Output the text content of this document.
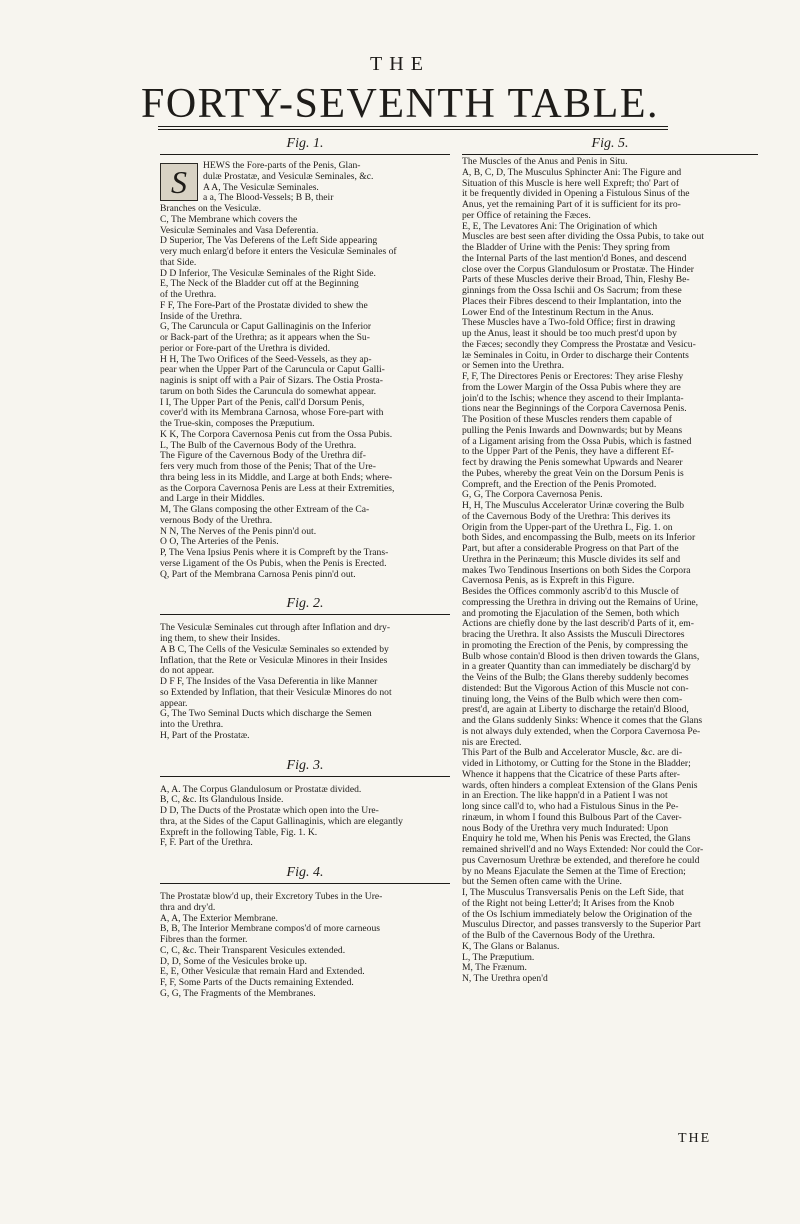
THE
FORTY-SEVENTH TABLE.
Fig. 1.
S	HEWS the Fore-parts of the Penis, Glan-

dulæ Prostatæ, and Vesiculæ Seminales, &c.

A A, The Vesiculæ Seminales.

a a, The Blood-Vessels; B B, their

Branches on the Vesiculæ.

C, The Membrane which covers the

Vesiculæ Seminales and Vasa Deferentia.

D Superior, The Vas Deferens of the Left Side appearing

very much enlarg'd before it enters the Vesiculæ Seminales of

that Side.

D D Inferior, The Vesiculæ Seminales of the Right Side.

E, The Neck of the Bladder cut off at the Beginning

of the Urethra.

F F, The Fore-Part of the Prostatæ divided to shew the

Inside of the Urethra.

G, The Caruncula or Caput Gallinaginis on the Inferior

or Back-part of the Urethra; as it appears when the Su-

perior or Fore-part of the Urethra is divided.

H H, The Two Orifices of the Seed-Vessels, as they ap-

pear when the Upper Part of the Caruncula or Caput Galli-

naginis is snipt off with a Pair of Sizars. The Ostia Prosta-

tarum on both Sides the Caruncula do somewhat appear.

I I, The Upper Part of the Penis, call'd Dorsum Penis,

cover'd with its Membrana Carnosa, whose Fore-part with

the True-skin, composes the Præputium.

K K, The Corpora Cavernosa Penis cut from the Ossa Pubis.

L, The Bulb of the Cavernous Body of the Urethra.

The Figure of the Cavernous Body of the Urethra dif-

fers very much from those of the Penis; That of the Ure-

thra being less in its Middle, and Large at both Ends; where-

as the Corpora Cavernosa Penis are Less at their Extremities,

and Large in their Middles.

M, The Glans composing the other Extream of the Ca-

vernous Body of the Urethra.

N N, The Nerves of the Penis pinn'd out.

O O, The Arteries of the Penis.

P, The Vena Ipsius Penis where it is Compreft by the Trans-

verse Ligament of the Os Pubis, when the Penis is Erected.

Q, Part of the Membrana Carnosa Penis pinn'd out.

Fig. 2.

The Vesiculæ Seminales cut through after Inflation and dry-

ing them, to shew their Insides.

A B C, The Cells of the Vesiculæ Seminales so extended by

Inflation, that the Rete or Vesiculæ Minores in their Insides

do not appear.

D F F, The Insides of the Vasa Deferentia in like Manner

so Extended by Inflation, that their Vesiculæ Minores do not

appear.

G, The Two Seminal Ducts which discharge the Semen

into the Urethra.

H, Part of the Prostatæ.

Fig. 3.

A, A. The Corpus Glandulosum or Prostatæ divided.

B, C, &c. Its Glandulous Inside.

D D, The Ducts of the Prostatæ which open into the Ure-

thra, at the Sides of the Caput Gallinaginis, which are elegantly

Expreft in the following Table, Fig. 1. K.

F, F. Part of the Urethra.

Fig. 4.

The Prostatæ blow'd up, their Excretory Tubes in the Ure-

thra and dry'd.

A, A, The Exterior Membrane.

B, B, The Interior Membrane compos'd of more carneous

Fibres than the former.

C, C, &c. Their Transparent Vesicules extended.

D, D, Some of the Vesicules broke up.

E, E, Other Vesiculæ that remain Hard and Extended.

F, F, Some Parts of the Ducts remaining Extended.

G, G, The Fragments of the Membranes.

Fig. 5.

The Muscles of the Anus and Penis in Situ.

A, B, C, D, The Musculus Sphincter Ani: The Figure and

Situation of this Muscle is here well Expreft; tho' Part of

it be frequently divided in Opening a Fistulous Sinus of the

Anus, yet the remaining Part of it is sufficient for its pro-

per Office of retaining the Fæces.

E, E, The Levatores Ani: The Origination of which

Muscles are best seen after dividing the Ossa Pubis, to take out

the Bladder of Urine with the Penis: They spring from

the Internal Parts of the last mention'd Bones, and descend

close over the Corpus Glandulosum or Prostatæ. The Hinder

Parts of these Muscles derive their Broad, Thin, Fleshy Be-

ginnings from the Ossa Ischii and Os Sacrum; from these

Places their Fibres descend to their Implantation, into the

Lower End of the Intestinum Rectum in the Anus.

These Muscles have a Two-fold Office; first in drawing

up the Anus, least it should be too much prest'd upon by

the Fæces; secondly they Compress the Prostatæ and Vesicu-

læ Seminales in Coitu, in Order to discharge their Contents

or Semen into the Urethra.

F, F, The Directores Penis or Erectores: They arise Fleshy

from the Lower Margin of the Ossa Pubis where they are

join'd to the Ischis; whence they ascend to their Implanta-

tions near the Beginnings of the Corpora Cavernosa Penis.

The Position of these Muscles renders them capable of

pulling the Penis Inwards and Downwards; but by Means

of a Ligament arising from the Ossa Pubis, which is fastned

to the Upper Part of the Penis, they have a different Ef-

fect by drawing the Penis somewhat Upwards and Nearer

the Pubes, whereby the great Vein on the Dorsum Penis is

Compreft, and the Erection of the Penis Promoted.

G, G, The Corpora Cavernosa Penis.

H, H, The Musculus Accelerator Urinæ covering the Bulb

of the Cavernous Body of the Urethra: This derives its

Origin from the Upper-part of the Urethra L, Fig. 1. on

both Sides, and encompassing the Bulb, meets on its Inferior

Part, but after a considerable Progress on that Part of the

Urethra in the Perinæum; this Muscle divides its self and

makes Two Tendinous Insertions on both Sides the Corpora

Cavernosa Penis, as is Expreft in this Figure.

Besides the Offices commonly ascrib'd to this Muscle of

compressing the Urethra in driving out the Remains of Urine,

and promoting the Ejaculation of the Semen, both which

Actions are chiefly done by the last describ'd Parts of it, em-

bracing the Urethra. It also Assists the Musculi Directores

in promoting the Erection of the Penis, by compressing the

Bulb whose contain'd Blood is then driven towards the Glans,

in a greater Quantity than can immediately be discharg'd by

the Veins of the Bulb; the Glans thereby suddenly becomes

distended: But the Vigorous Action of this Muscle not con-

tinuing long, the Veins of the Bulb which were then com-

prest'd, are again at Liberty to discharge the retain'd Blood,

and the Glans suddenly Sinks: Whence it comes that the Glans

is not always duly extended, when the Corpora Cavernosa Pe-

nis are Erected.

This Part of the Bulb and Accelerator Muscle, &c. are di-

vided in Lithotomy, or Cutting for the Stone in the Bladder;

Whence it happens that the Cicatrice of these Parts after-

wards, often hinders a compleat Extension of the Glans Penis

in an Erection. The like happn'd in a Patient I was not

long since call'd to, who had a Fistulous Sinus in the Pe-

rinæum, in whom I found this Bulbous Part of the Caver-

nous Body of the Urethra very much Indurated: Upon

Enquiry he told me, When his Penis was Erected, the Glans

remained shrivell'd and no Ways Extended: Nor could the Cor-

pus Cavernosum Urethræ be extended, and therefore he could

by no Means Ejaculate the Semen at the Time of Erection;

but the Semen often came with the Urine.

I, The Musculus Transversalis Penis on the Left Side, that

of the Right not being Letter'd; It Arises from the Knob

of the Os Ischium immediately below the Origination of the

Musculus Director, and passes transversly to the Superior Part

of the Bulb of the Cavernous Body of the Urethra.

K, The Glans or Balanus.

L, The Præputium.

M, The Frænum.

N, The Urethra open'd

THE
